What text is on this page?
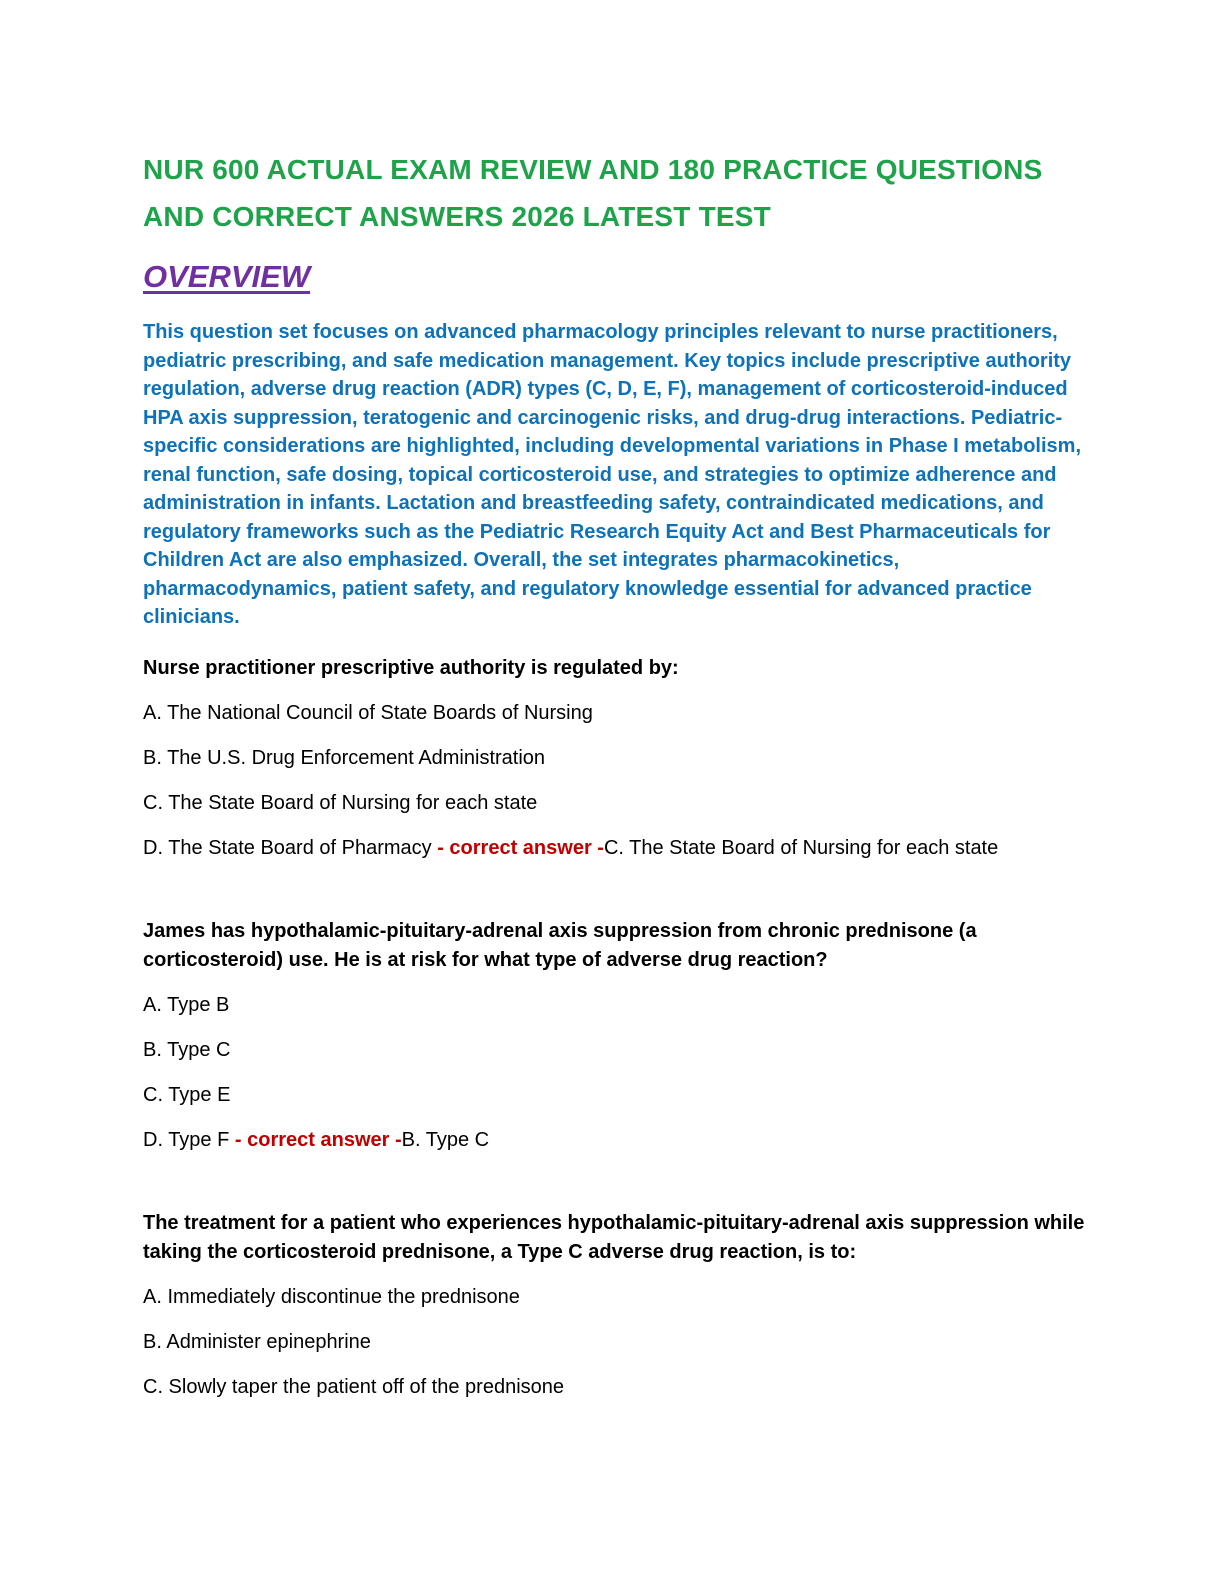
NUR 600 ACTUAL EXAM REVIEW AND 180 PRACTICE QUESTIONS AND CORRECT ANSWERS 2026 LATEST TEST
OVERVIEW

This question set focuses on advanced pharmacology principles relevant to nurse practitioners, pediatric prescribing, and safe medication management. Key topics include prescriptive authority regulation, adverse drug reaction (ADR) types (C, D, E, F), management of corticosteroid-induced HPA axis suppression, teratogenic and carcinogenic risks, and drug-drug interactions. Pediatric-specific considerations are highlighted, including developmental variations in Phase I metabolism, renal function, safe dosing, topical corticosteroid use, and strategies to optimize adherence and administration in infants. Lactation and breastfeeding safety, contraindicated medications, and regulatory frameworks such as the Pediatric Research Equity Act and Best Pharmaceuticals for Children Act are also emphasized. Overall, the set integrates pharmacokinetics, pharmacodynamics, patient safety, and regulatory knowledge essential for advanced practice clinicians.

Nurse practitioner prescriptive authority is regulated by:

A. The National Council of State Boards of Nursing

B. The U.S. Drug Enforcement Administration

C. The State Board of Nursing for each state

D. The State Board of Pharmacy - correct answer -C. The State Board of Nursing for each state

James has hypothalamic-pituitary-adrenal axis suppression from chronic prednisone (a corticosteroid) use. He is at risk for what type of adverse drug reaction?

A. Type B

B. Type C

C. Type E

D. Type F - correct answer -B. Type C

The treatment for a patient who experiences hypothalamic-pituitary-adrenal axis suppression while taking the corticosteroid prednisone, a Type C adverse drug reaction, is to:

A. Immediately discontinue the prednisone

B. Administer epinephrine

C. Slowly taper the patient off of the prednisone
